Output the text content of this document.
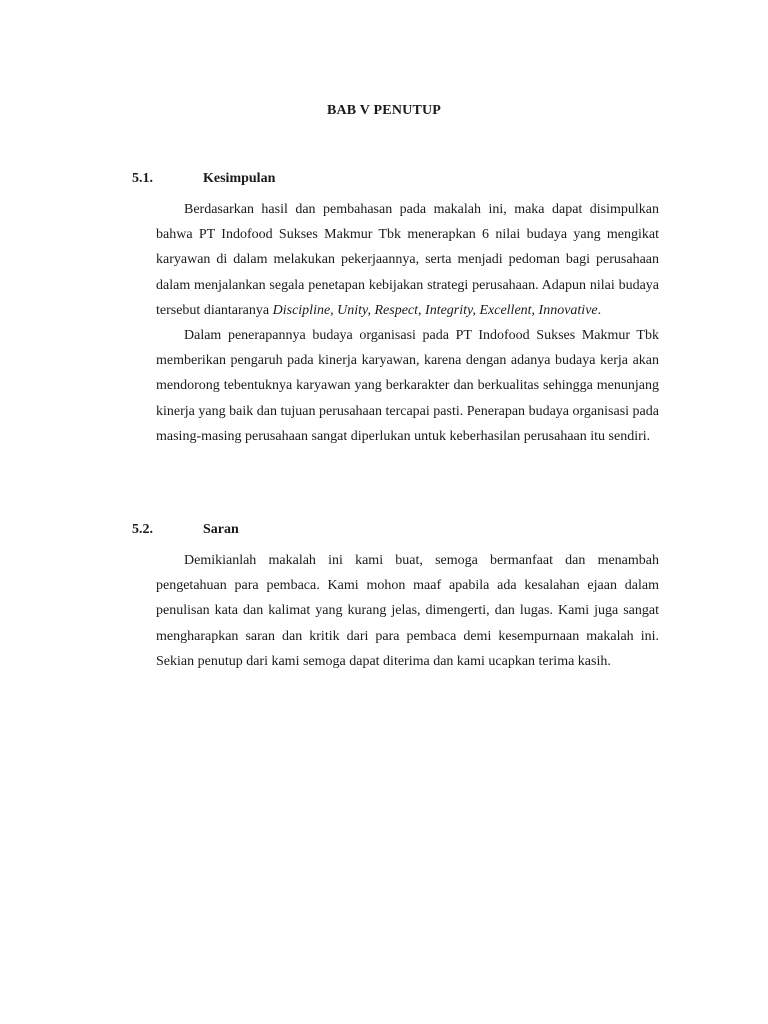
BAB V PENUTUP
5.1.	Kesimpulan

Berdasarkan hasil dan pembahasan pada makalah ini, maka dapat disimpulkan bahwa PT Indofood Sukses Makmur Tbk menerapkan 6 nilai budaya yang mengikat karyawan di dalam melakukan pekerjaannya, serta menjadi pedoman bagi perusahaan dalam menjalankan segala penetapan kebijakan strategi perusahaan. Adapun nilai budaya tersebut diantaranya Discipline, Unity, Respect, Integrity, Excellent, Innovative.

Dalam penerapannya budaya organisasi pada PT Indofood Sukses Makmur Tbk memberikan pengaruh pada kinerja karyawan, karena dengan adanya budaya kerja akan mendorong tebentuknya karyawan yang berkarakter dan berkualitas sehingga menunjang kinerja yang baik dan tujuan perusahaan tercapai pasti. Penerapan budaya organisasi pada masing-masing perusahaan sangat diperlukan untuk keberhasilan perusahaan itu sendiri.

5.2.	Saran

Demikianlah makalah ini kami buat, semoga bermanfaat dan menambah pengetahuan para pembaca. Kami mohon maaf apabila ada kesalahan ejaan dalam penulisan kata dan kalimat yang kurang jelas, dimengerti, dan lugas. Kami juga sangat mengharapkan saran dan kritik dari para pembaca demi kesempurnaan makalah ini. Sekian penutup dari kami semoga dapat diterima dan kami ucapkan terima kasih.
